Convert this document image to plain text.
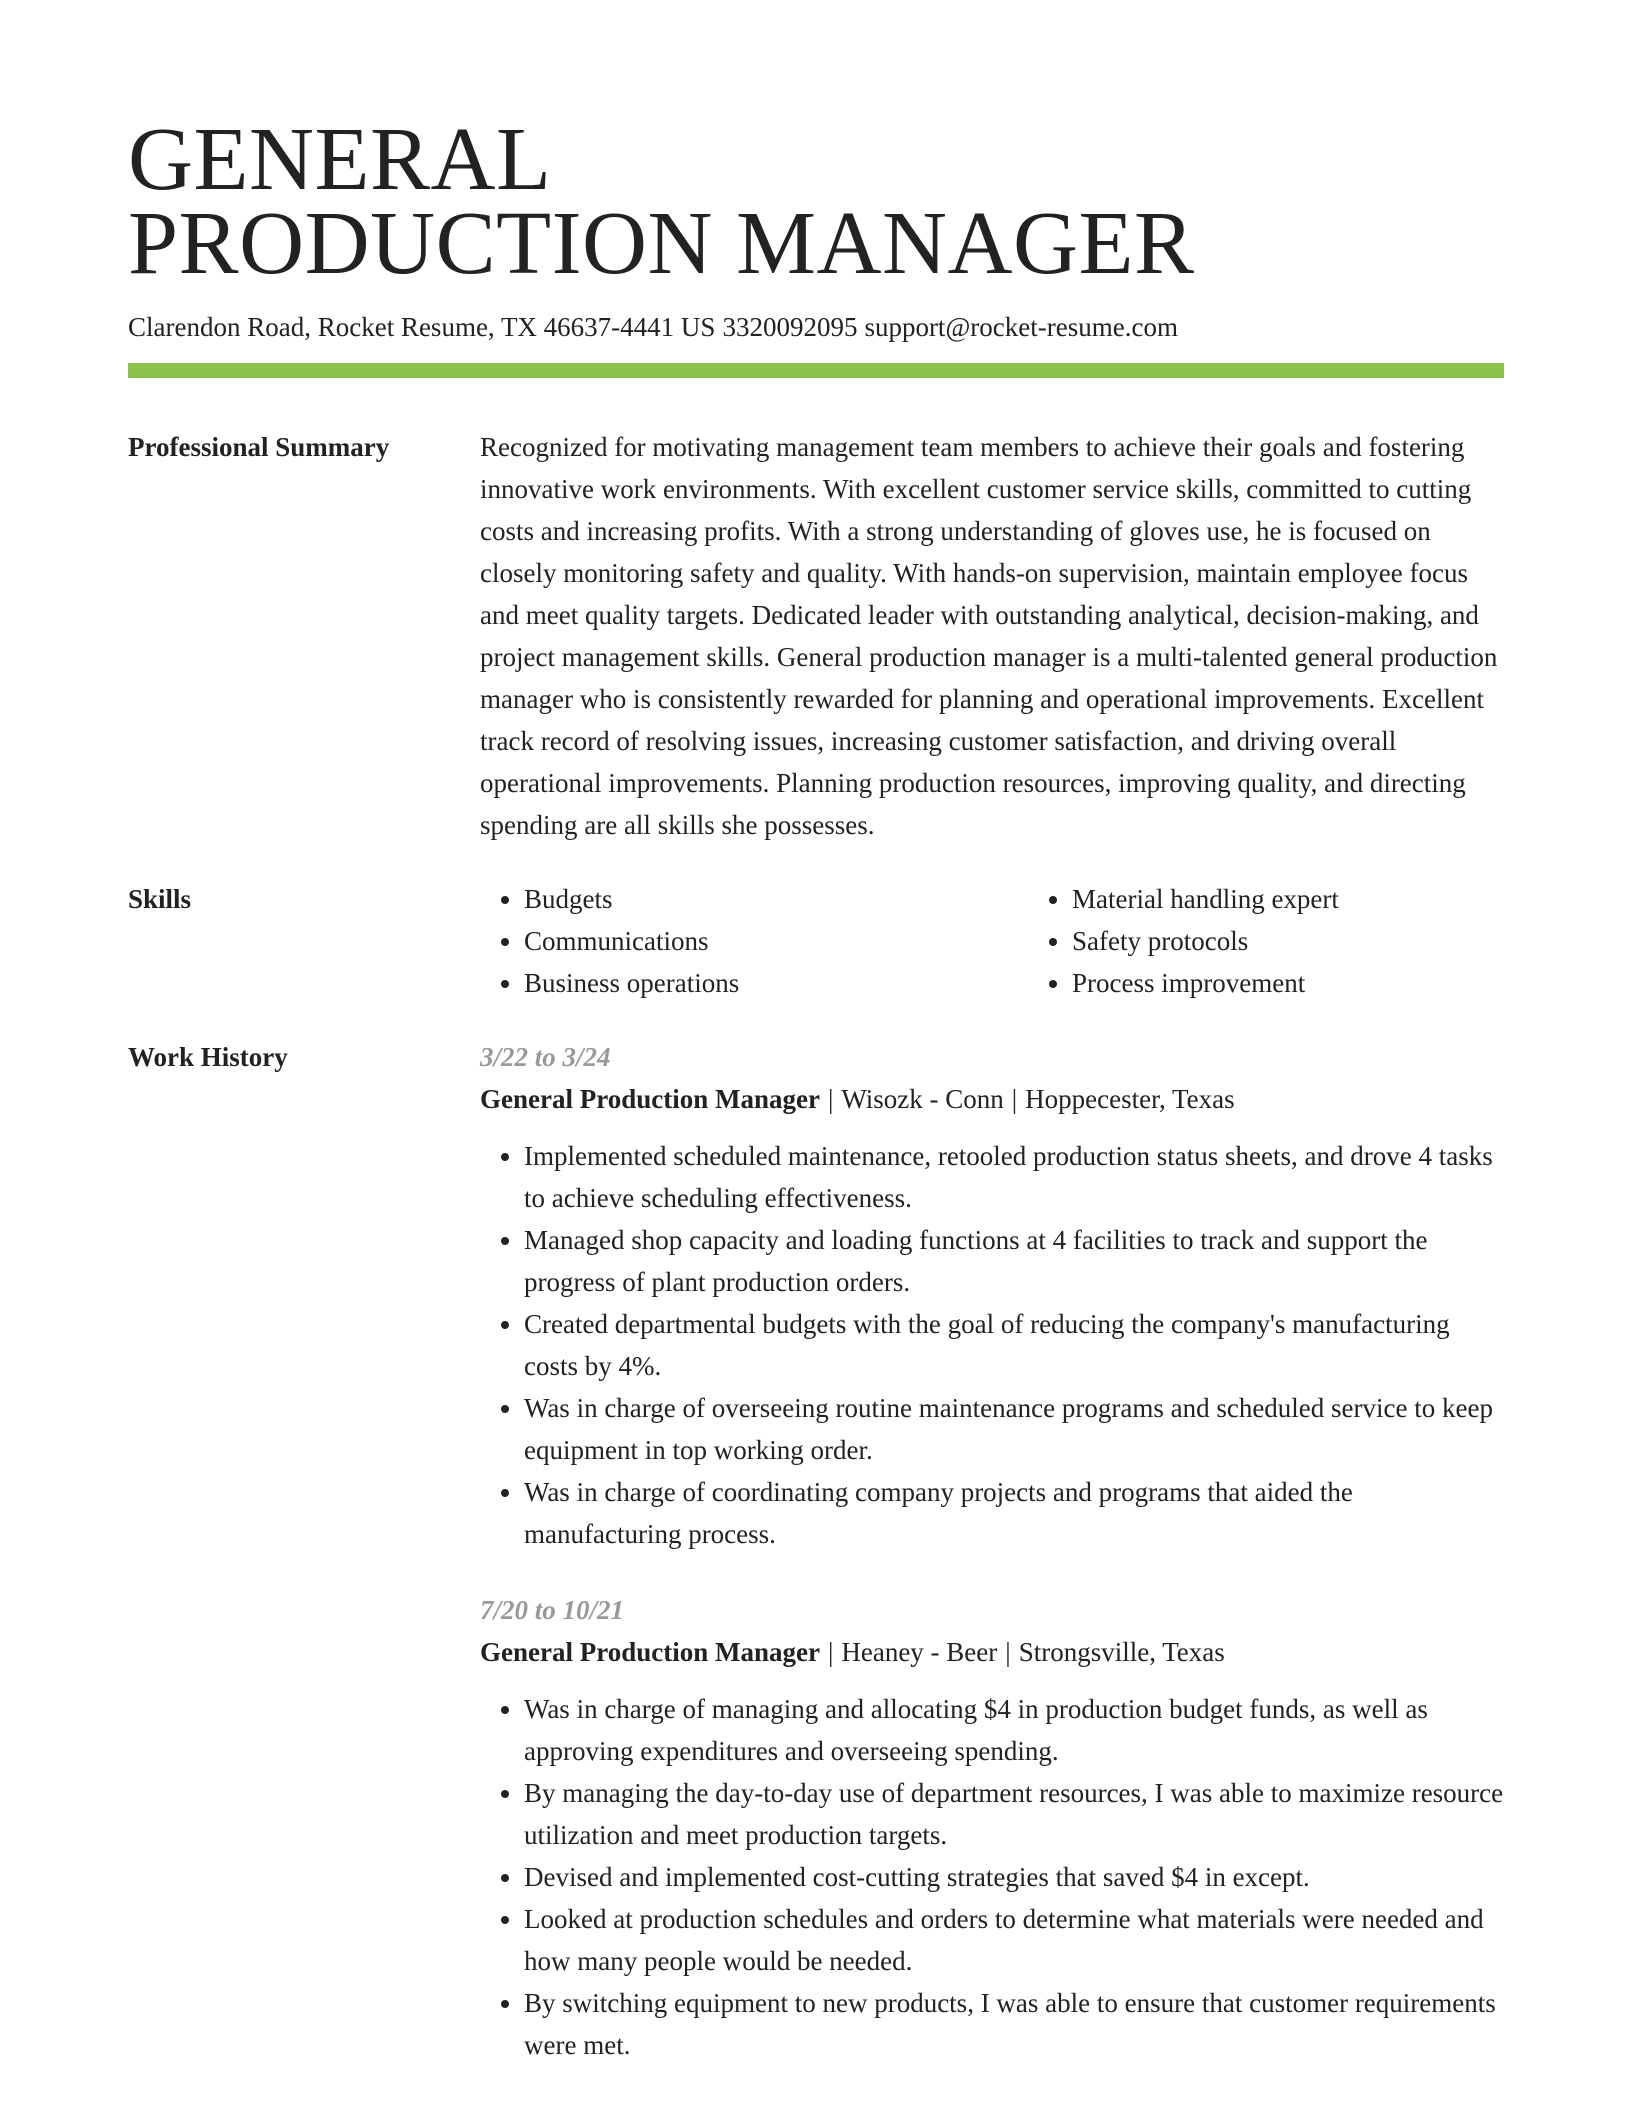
GENERAL
PRODUCTION MANAGER
Clarendon Road, Rocket Resume, TX 46637-4441 US 3320092095 support@rocket-resume.com
Professional Summary	Recognized for motivating management team members to achieve their goals and fostering innovative work environments. With excellent customer service skills, committed to cutting costs and increasing profits. With a strong understanding of gloves use, he is focused on closely monitoring safety and quality. With hands-on supervision, maintain employee focus and meet quality targets. Dedicated leader with outstanding analytical, decision-making, and project management skills. General production manager is a multi-talented general production manager who is consistently rewarded for planning and operational improvements. Excellent track record of resolving issues, increasing customer satisfaction, and driving overall operational improvements. Planning production resources, improving quality, and directing spending are all skills she possesses.

Skills
•	Budgets
• Communications
• Business operations
• Material handling expert
• Safety protocols
• Process improvement
Work History	3/22 to 3/24
General Production Manager | Wisozk - Conn | Hoppecester, Texas
• Implemented scheduled maintenance, retooled production status sheets, and drove 4 tasks to achieve scheduling effectiveness.
• Managed shop capacity and loading functions at 4 facilities to track and support the progress of plant production orders.
• Created departmental budgets with the goal of reducing the company's manufacturing costs by 4%.
• Was in charge of overseeing routine maintenance programs and scheduled service to keep equipment in top working order.
• Was in charge of coordinating company projects and programs that aided the manufacturing process.
7/20 to 10/21
General Production Manager | Heaney - Beer | Strongsville, Texas
• Was in charge of managing and allocating $4 in production budget funds, as well as approving expenditures and overseeing spending.
• By managing the day-to-day use of department resources, I was able to maximize resource utilization and meet production targets.
• Devised and implemented cost-cutting strategies that saved $4 in except.
• Looked at production schedules and orders to determine what materials were needed and how many people would be needed.
• By switching equipment to new products, I was able to ensure that customer requirements were met.
